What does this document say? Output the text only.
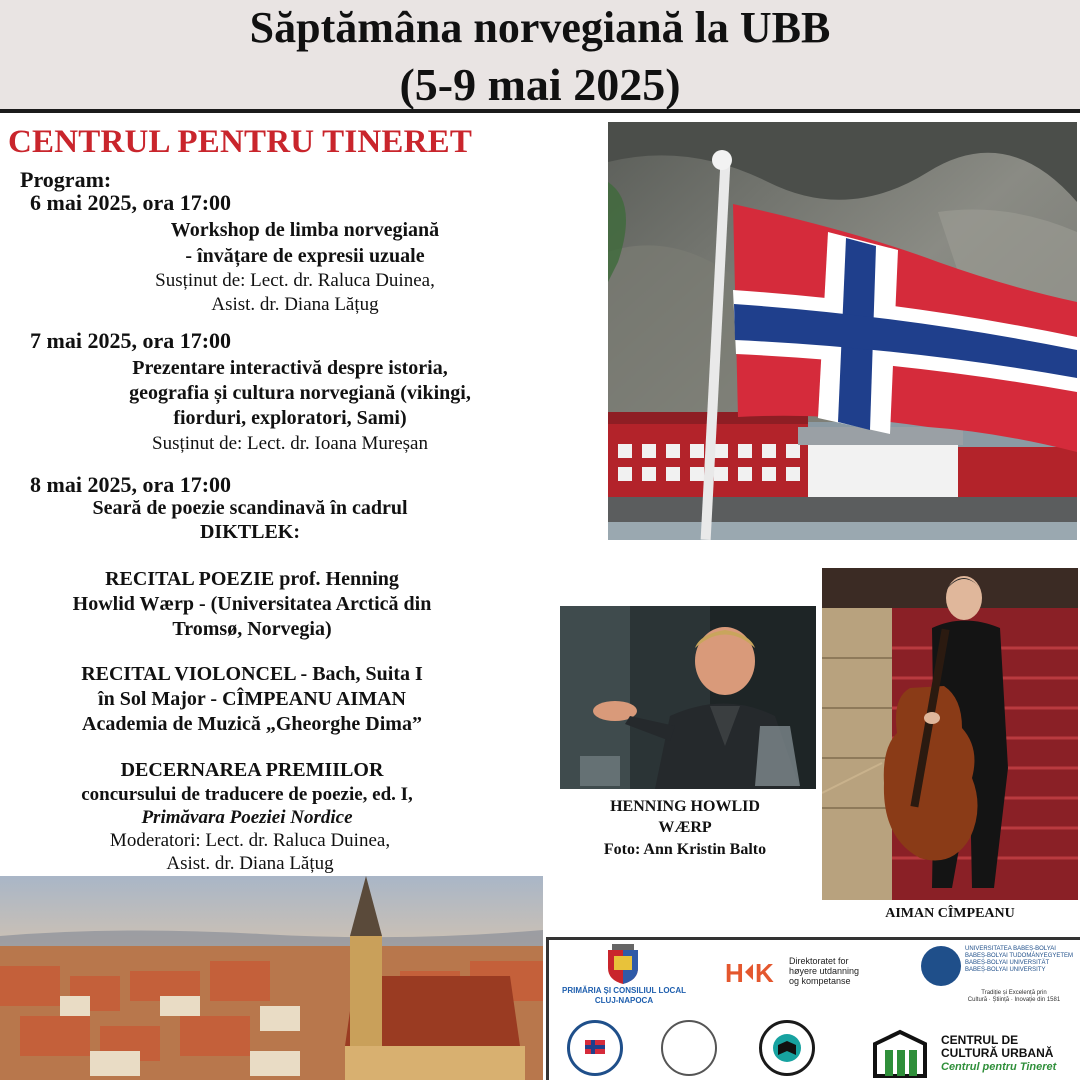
Săptămâna norvegiană la UBB
(5-9 mai 2025)
CENTRUL PENTRU TINERET
Program:
6 mai 2025, ora 17:00
Workshop de limba norvegiană
- învățare de expresii uzuale
Susținut de: Lect. dr. Raluca Duinea,
Asist. dr. Diana Lățug
7 mai 2025, ora 17:00
Prezentare interactivă despre istoria,
geografia și cultura norvegiană (vikingi,
fiorduri, exploratori, Sami)
Susținut de: Lect. dr. Ioana Mureșan
8 mai 2025, ora 17:00
Seară de poezie scandinavă în cadrul
DIKTLEK:
RECITAL POEZIE prof. Henning
Howlid Wærp - (Universitatea Arctică din
Tromsø, Norvegia)
RECITAL VIOLONCEL - Bach, Suita I
în Sol Major - CÎMPEANU AIMAN
Academia de Muzică „Gheorghe Dima”
DECERNAREA PREMIILOR
concursului de traducere de poezie, ed. I,
Primăvara Poeziei Nordice
Moderatori: Lect. dr. Raluca Duinea,
Asist. dr. Diana Lățug
HENNING HOWLID
WÆRP
Foto: Ann Kristin Balto
AIMAN CÎMPEANU
PRIMĂRIA ȘI CONSILIUL LOCAL
CLUJ-NAPOCA
H K Direktoratet for
høyere utdanning
og kompetanse
UNIVERSITATEA BABEȘ-BOLYAI
BABEȘ-BOLYAI TUDOMÁNYEGYETEM
BABEȘ-BOLYAI UNIVERSITÄT
BABEȘ-BOLYAI UNIVERSITY
Tradiție și Excelență prin
Cultură · Știință · Inovație din 1581
CENTRUL DE
CULTURĂ URBANĂ
Centrul pentru Tineret
